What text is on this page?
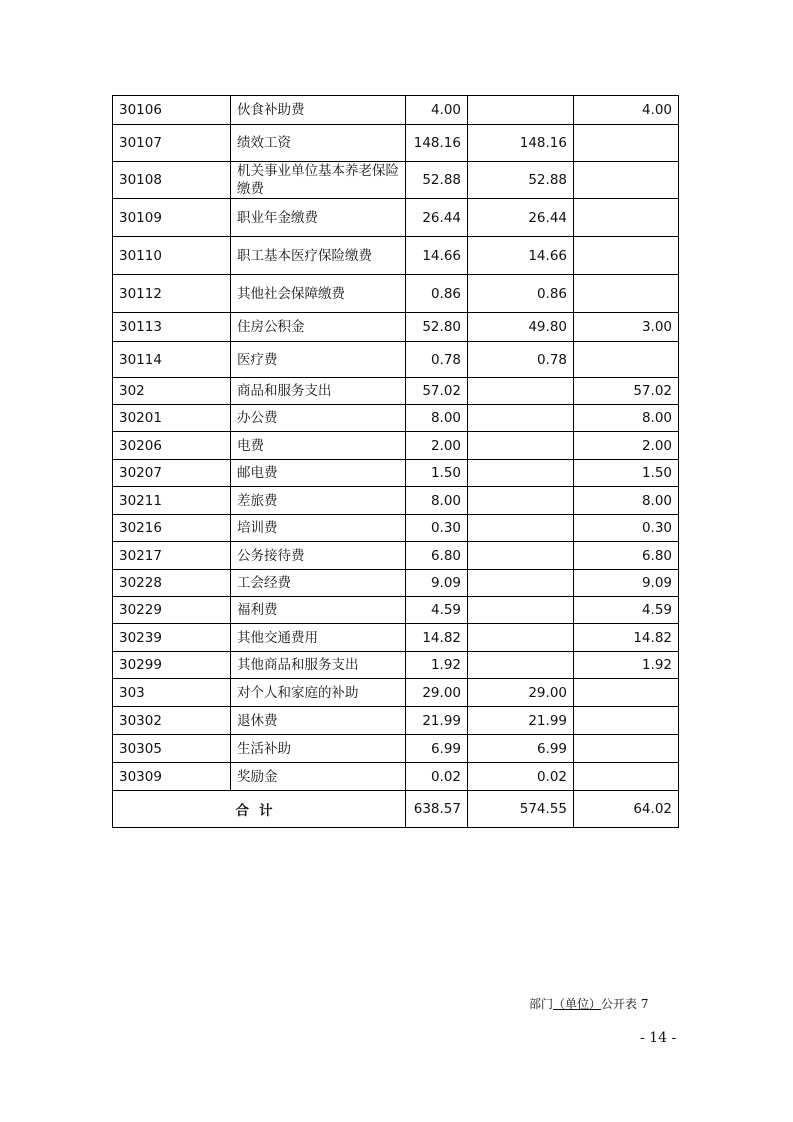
30106	伙食补助费	4.00		4.00
30107	绩效工资	148.16	148.16	
30108	机关事业单位基本养老保险缴费	52.88	52.88	
30109	职业年金缴费	26.44	26.44	
30110	职工基本医疗保险缴费	14.66	14.66	
30112	其他社会保障缴费	0.86	0.86	
30113	住房公积金	52.80	49.80	3.00
30114	医疗费	0.78	0.78	
302	商品和服务支出	57.02		57.02
30201	办公费	8.00		8.00
30206	电费	2.00		2.00
30207	邮电费	1.50		1.50
30211	差旅费	8.00		8.00
30216	培训费	0.30		0.30
30217	公务接待费	6.80		6.80
30228	工会经费	9.09		9.09
30229	福利费	4.59		4.59
30239	其他交通费用	14.82		14.82
30299	其他商品和服务支出	1.92		1.92
303	对个人和家庭的补助	29.00	29.00	
30302	退休费	21.99	21.99	
30305	生活补助	6.99	6.99	
30309	奖励金	0.02	0.02	
合计		638.57	574.55	64.02
部门（单位）公开表 7
- 14 -
